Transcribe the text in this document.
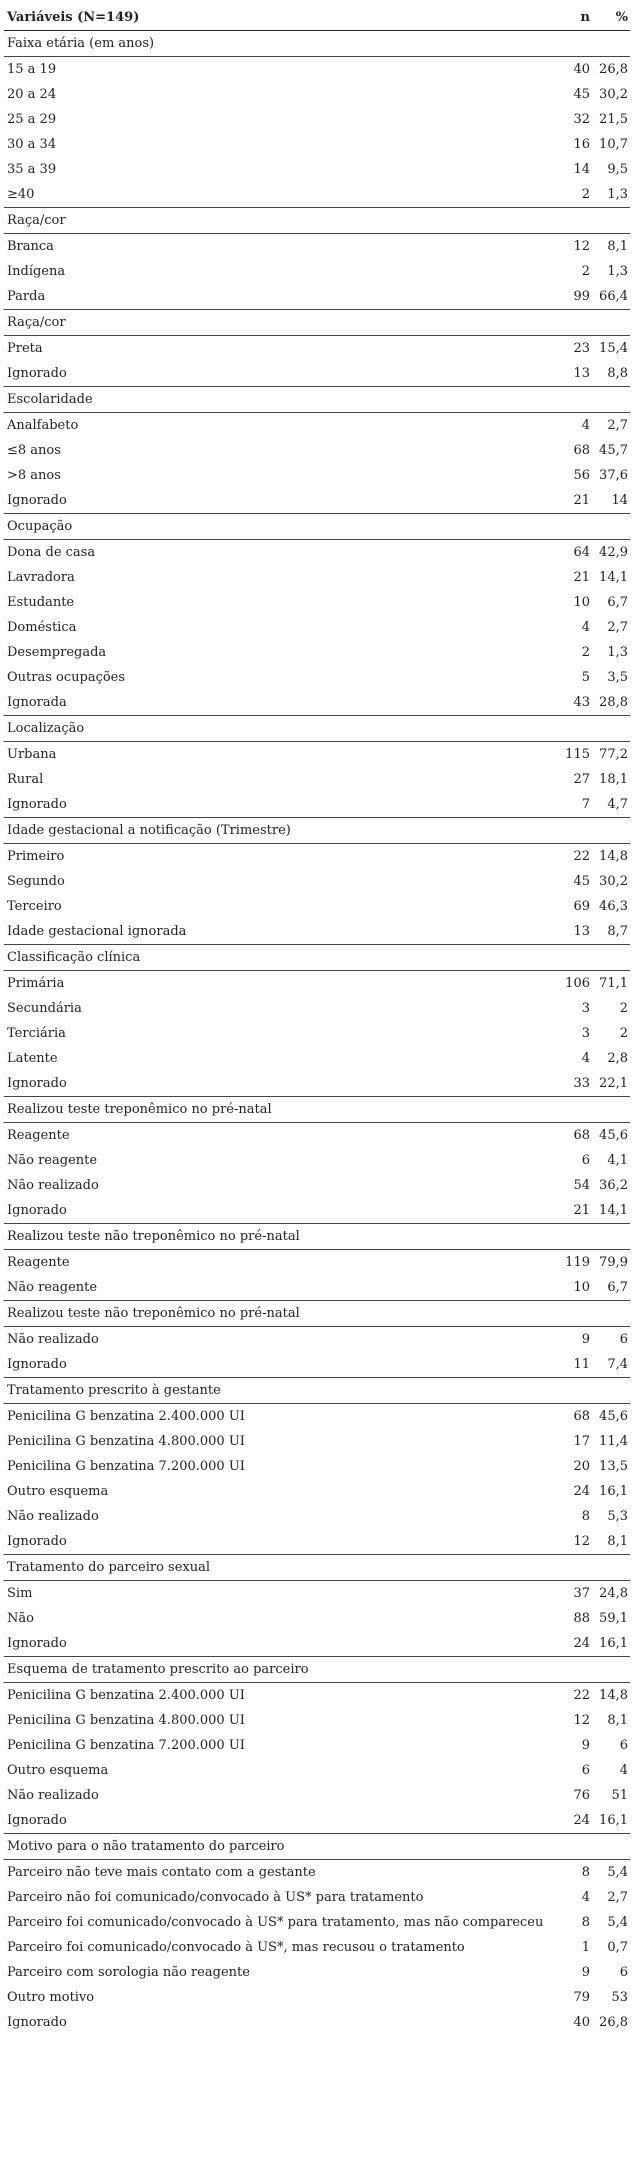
Variáveis (N=149)	n	%
Faixa etária (em anos)		
15 a 19	40	26,8
20 a 24	45	30,2
25 a 29	32	21,5
30 a 34	16	10,7
35 a 39	14	9,5
≥40	2	1,3
Raça/cor		
Branca	12	8,1
Indígena	2	1,3
Parda	99	66,4
Raça/cor		
Preta	23	15,4
Ignorado	13	8,8
Escolaridade		
Analfabeto	4	2,7
≤8 anos	68	45,7
>8 anos	56	37,6
Ignorado	21	14
Ocupação		
Dona de casa	64	42,9
Lavradora	21	14,1
Estudante	10	6,7
Doméstica	4	2,7
Desempregada	2	1,3
Outras ocupações	5	3,5
Ignorada	43	28,8
Localização		
Urbana	115	77,2
Rural	27	18,1
Ignorado	7	4,7
Idade gestacional a notificação (Trimestre)		
Primeiro	22	14,8
Segundo	45	30,2
Terceiro	69	46,3
Idade gestacional ignorada	13	8,7
Classificação clínica		
Primária	106	71,1
Secundária	3	2
Terciária	3	2
Latente	4	2,8
Ignorado	33	22,1
Realizou teste treponêmico no pré-natal		
Reagente	68	45,6
Não reagente	6	4,1
Não realizado	54	36,2
Ignorado	21	14,1
Realizou teste não treponêmico no pré-natal		
Reagente	119	79,9
Não reagente	10	6,7
Realizou teste não treponêmico no pré-natal		
Não realizado	9	6
Ignorado	11	7,4
Tratamento prescrito à gestante		
Penicilina G benzatina 2.400.000 UI	68	45,6
Penicilina G benzatina 4.800.000 UI	17	11,4
Penicilina G benzatina 7.200.000 UI	20	13,5
Outro esquema	24	16,1
Não realizado	8	5,3
Ignorado	12	8,1
Tratamento do parceiro sexual		
Sim	37	24,8
Não	88	59,1
Ignorado	24	16,1
Esquema de tratamento prescrito ao parceiro		
Penicilina G benzatina 2.400.000 UI	22	14,8
Penicilina G benzatina 4.800.000 UI	12	8,1
Penicilina G benzatina 7.200.000 UI	9	6
Outro esquema	6	4
Não realizado	76	51
Ignorado	24	16,1
Motivo para o não tratamento do parceiro		
Parceiro não teve mais contato com a gestante	8	5,4
Parceiro não foi comunicado/convocado à US* para tratamento	4	2,7
Parceiro foi comunicado/convocado à US* para tratamento, mas não compareceu	8	5,4
Parceiro foi comunicado/convocado à US*, mas recusou o tratamento	1	0,7
Parceiro com sorologia não reagente	9	6
Outro motivo	79	53
Ignorado	40	26,8
